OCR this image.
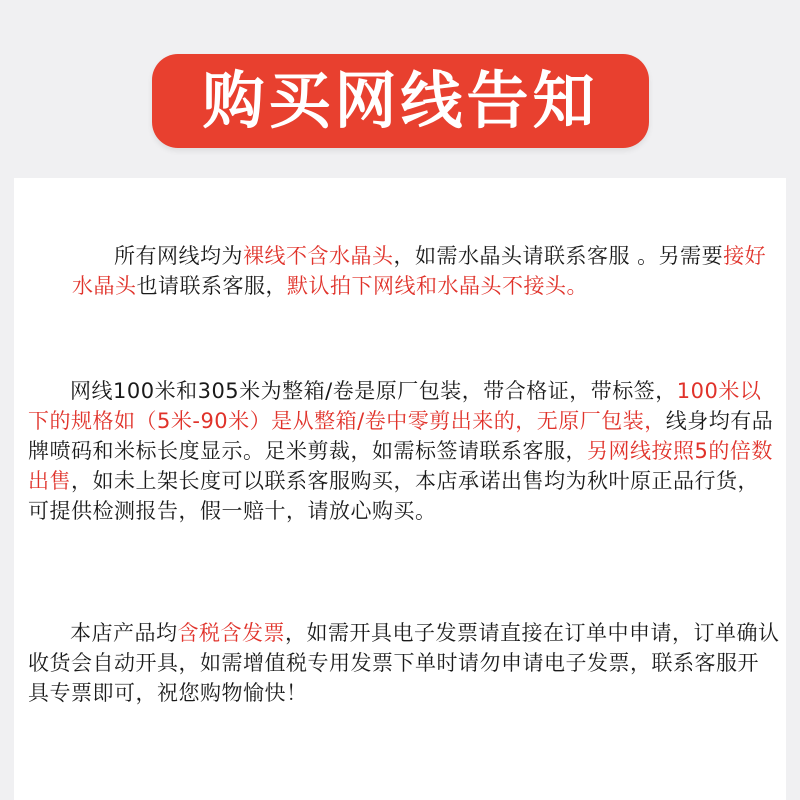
购买网线告知

所有网线均为裸线不含水晶头，如需水晶头请联系客服 。另需要接好水晶头也请联系客服，默认拍下网线和水晶头不接头。

网线100米和305米为整箱/卷是原厂包装，带合格证，带标签，100米以下的规格如（5米-90米）是从整箱/卷中零剪出来的，无原厂包装，线身均有品牌喷码和米标长度显示。足米剪裁，如需标签请联系客服，另网线按照5的倍数出售，如未上架长度可以联系客服购买，本店承诺出售均为秋叶原正品行货，可提供检测报告，假一赔十，请放心购买。

本店产品均含税含发票，如需开具电子发票请直接在订单中申请，订单确认收货会自动开具，如需增值税专用发票下单时请勿申请电子发票，联系客服开具专票即可，祝您购物愉快！
